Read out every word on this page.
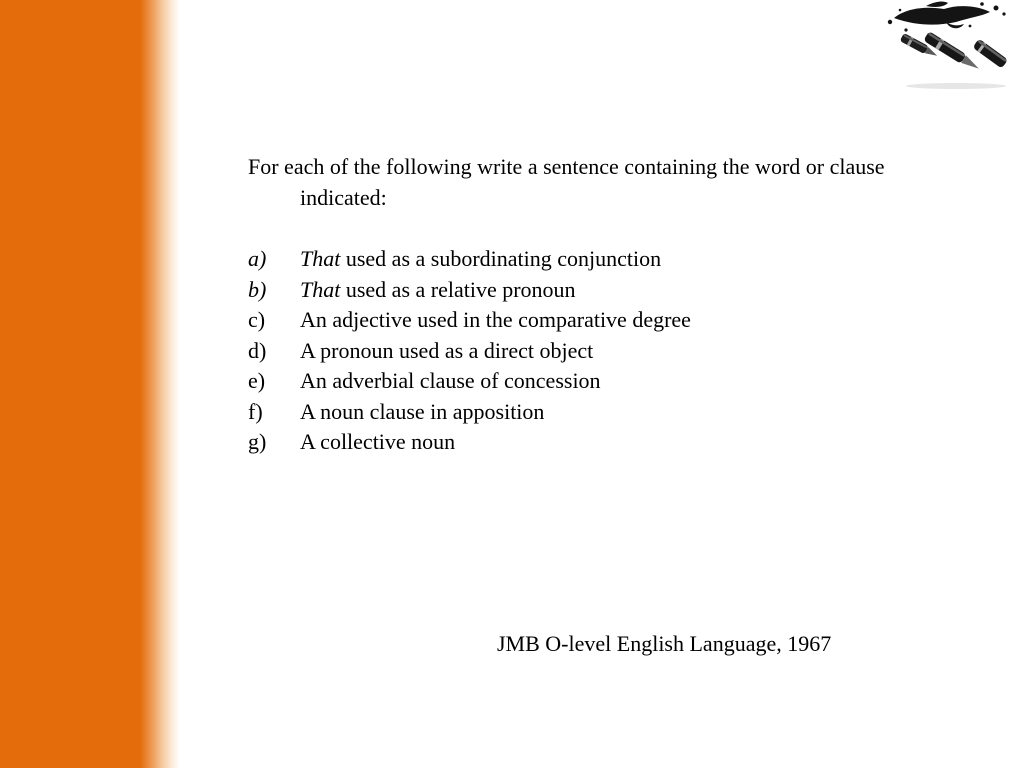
For each of the following write a sentence containing the word or clause indicated:

a)	That used as a subordinating conjunction
b)	That used as a relative pronoun
c)	An adjective used in the comparative degree
d)	A pronoun used as a direct object
e)	An adverbial clause of concession
f)	A noun clause in apposition
g)	A collective noun
JMB O-level English Language, 1967
